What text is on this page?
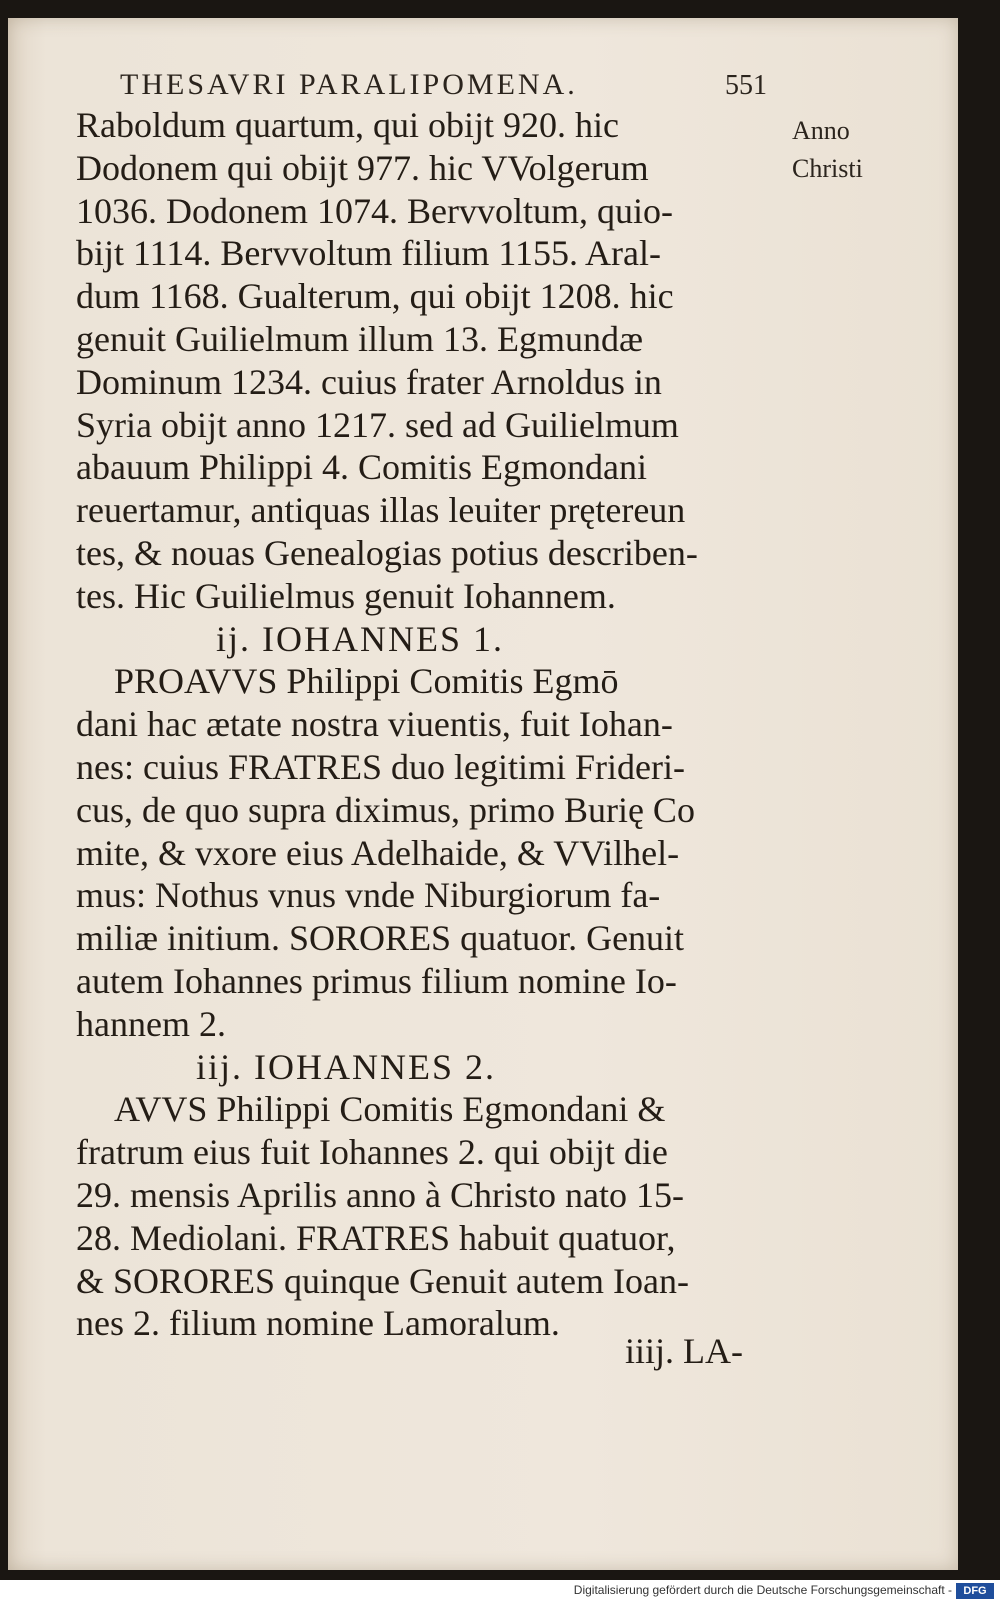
THESAVRI PARALIPOMENA.	551
Anno
Christi
Raboldum quartum, qui obijt 920. hic
Dodonem qui obijt 977. hic VVolgerum
1036. Dodonem 1074. Bervvoltum, quio-
bijt 1114. Bervvoltum filium 1155. Aral-
dum 1168. Gualterum, qui obijt 1208. hic
genuit Guilielmum illum 13. Egmundæ
Dominum 1234. cuius frater Arnoldus in
Syria obijt anno 1217. sed ad Guilielmum
abauum Philippi 4. Comitis Egmondani
reuertamur, antiquas illas leuiter prętereun
tes, & nouas Genealogias potius describen-
tes. Hic Guilielmus genuit Iohannem.
ij. IOHANNES 1.
PROAVVS Philippi Comitis Egmō
dani hac ætate nostra viuentis, fuit Iohan-
nes: cuius FRATRES duo legitimi Frideri-
cus, de quo supra diximus, primo Burię Co
mite, & vxore eius Adelhaide, & VVilhel-
mus: Nothus vnus vnde Niburgiorum fa-
miliæ initium. SORORES quatuor. Genuit
autem Iohannes primus filium nomine Io-
hannem 2.
iij. IOHANNES 2.
AVVS Philippi Comitis Egmondani &
fratrum eius fuit Iohannes 2. qui obijt die
29. mensis Aprilis anno à Christo nato 15-
28. Mediolani. FRATRES habuit quatuor,
& SORORES quinque Genuit autem Ioan-
nes 2. filium nomine Lamoralum.
iiij. LA-
Digitalisierung gefördert durch die Deutsche Forschungsgemeinschaft -	DFG
